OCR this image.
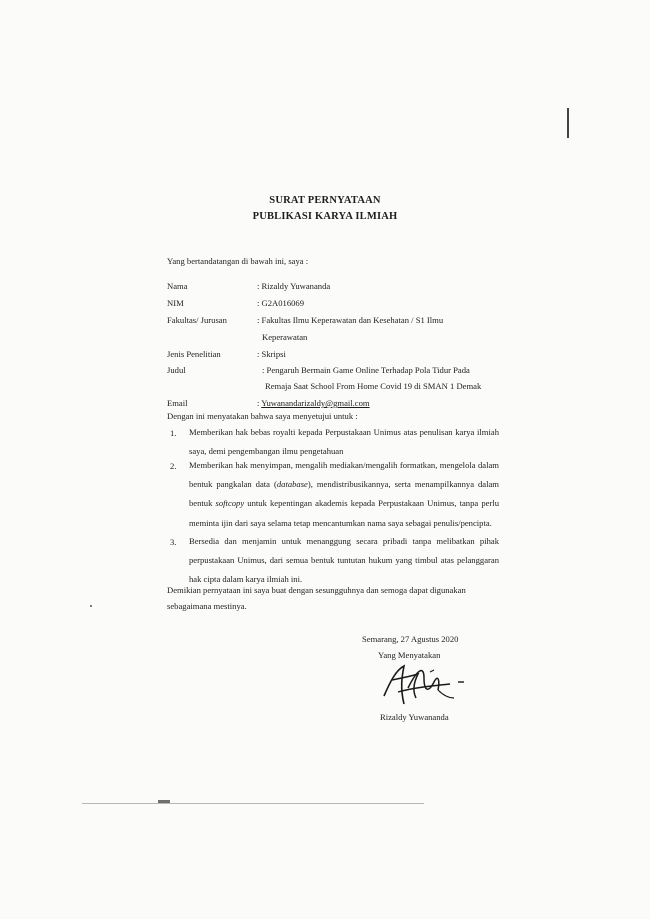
SURAT PERNYATAAN
PUBLIKASI KARYA ILMIAH
Yang bertandatangan di bawah ini, saya :
Nama	: Rizaldy Yuwananda
NIM	: G2A016069
Fakultas/ Jurusan	: Fakultas Ilmu Keperawatan dan Kesehatan / S1 Ilmu
Keperawatan
Jenis Penelitian	: Skripsi
Judul	: Pengaruh Bermain Game Online Terhadap Pola Tidur Pada
Remaja Saat School From Home Covid 19 di SMAN 1 Demak
Email	: Yuwanandarizaldy@gmail.com
Dengan ini menyatakan bahwa saya menyetujui untuk :
1. Memberikan hak bebas royalti kepada Perpustakaan Unimus atas penulisan karya ilmiah saya, demi pengembangan ilmu pengetahuan
2. Memberikan hak menyimpan, mengalih mediakan/mengalih formatkan, mengelola dalam bentuk pangkalan data (database), mendistribusikannya, serta menampilkannya dalam bentuk softcopy untuk kepentingan akademis kepada Perpustakaan Unimus, tanpa perlu meminta ijin dari saya selama tetap mencantumkan nama saya sebagai penulis/pencipta.
3. Bersedia dan menjamin untuk menanggung secara pribadi tanpa melibatkan pihak perpustakaan Unimus, dari semua bentuk tuntutan hukum yang timbul atas pelanggaran hak cipta dalam karya ilmiah ini.
Demikian pernyataan ini saya buat dengan sesungguhnya dan semoga dapat digunakan
sebagaimana mestinya.
Semarang, 27 Agustus 2020
Yang Menyatakan
Rizaldy Yuwananda
